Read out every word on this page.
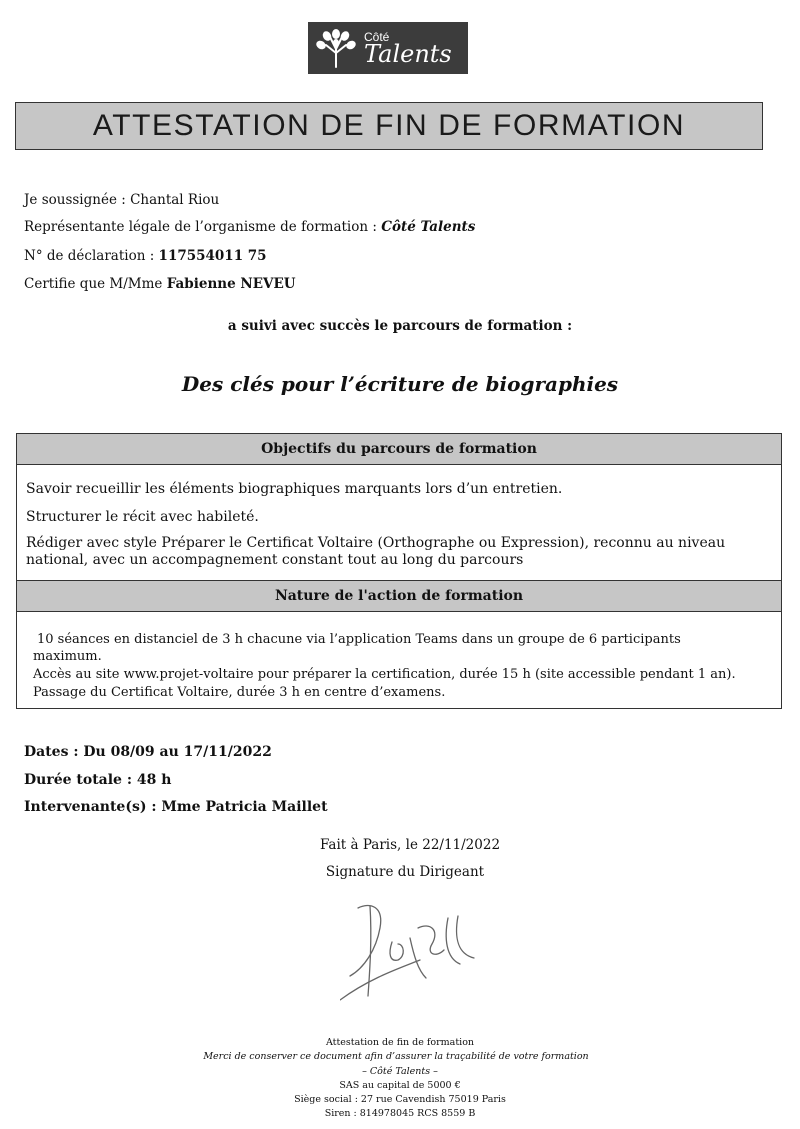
Côté
Talents
ATTESTATION DE FIN DE FORMATION
Je soussignée : Chantal Riou
Représentante légale de l’organisme de formation : Côté Talents
N° de déclaration : 117554011 75
Certifie que M/Mme Fabienne NEVEU
a suivi avec succès le parcours de formation :
Des clés pour l’écriture de biographies
Objectifs du parcours de formation
Savoir recueillir les éléments biographiques marquants lors d’un entretien.
Structurer le récit avec habileté.
Rédiger avec style Préparer le Certificat Voltaire (Orthographe ou Expression), reconnu au niveau
national, avec un accompagnement constant tout au long du parcours
Nature de l'action de formation
10 séances en distanciel de 3 h chacune via l’application Teams dans un groupe de 6 participants
maximum.
Accès au site www.projet-voltaire pour préparer la certification, durée 15 h (site accessible pendant 1 an).
Passage du Certificat Voltaire, durée 3 h en centre d’examens.
Dates : Du 08/09 au 17/11/2022
Durée totale : 48 h
Intervenante(s) : Mme Patricia Maillet
Fait à Paris, le 22/11/2022
Signature du Dirigeant
Attestation de fin de formation
Merci de conserver ce document afin d’assurer la traçabilité de votre formation
– Côté Talents –
SAS au capital de 5000 €
Siège social : 27 rue Cavendish 75019 Paris
Siren : 814978045 RCS 8559 B
